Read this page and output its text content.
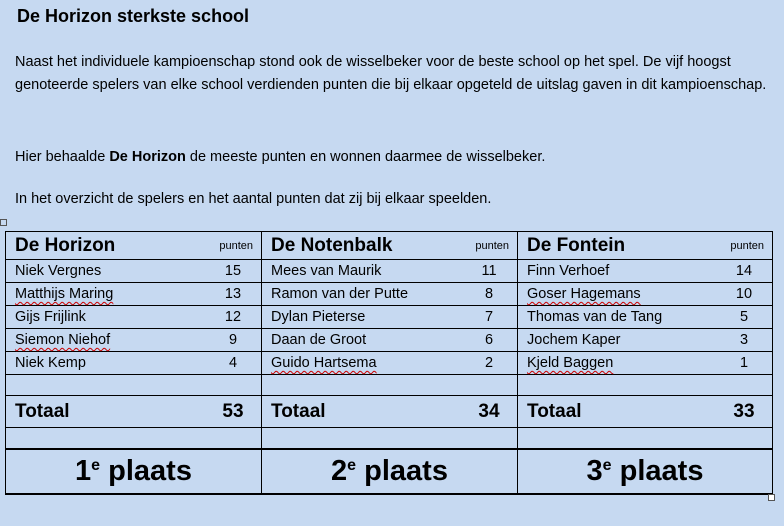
De Horizon sterkste school
Naast het individuele kampioenschap stond ook de wisselbeker voor de beste school op het spel. De vijf hoogst genoteerde spelers van elke school verdienden punten die bij elkaar opgeteld de uitslag gaven in dit kampioenschap.
Hier behaalde De Horizon de meeste punten en wonnen daarmee de wisselbeker.
In het overzicht de spelers en het aantal punten dat zij bij elkaar speelden.
De Horizon punten	De Notenbalk punten	De Fontein punten

Niek Vergnes 15	Mees van Maurik 11	Finn Verhoef 14

Matthijs Maring 13	Ramon van der Putte 8	Goser Hagemans 10

Gijs Frijlink 12	Dylan Pieterse 7	Thomas van de Tang 5

Siemon Niehof 9	Daan de Groot 6	Jochem Kaper 3

Niek Kemp 4	Guido Hartsema 2	Kjeld Baggen 1

Totaal 53	Totaal 34	Totaal 33

1e plaats	2e plaats	3e plaats
